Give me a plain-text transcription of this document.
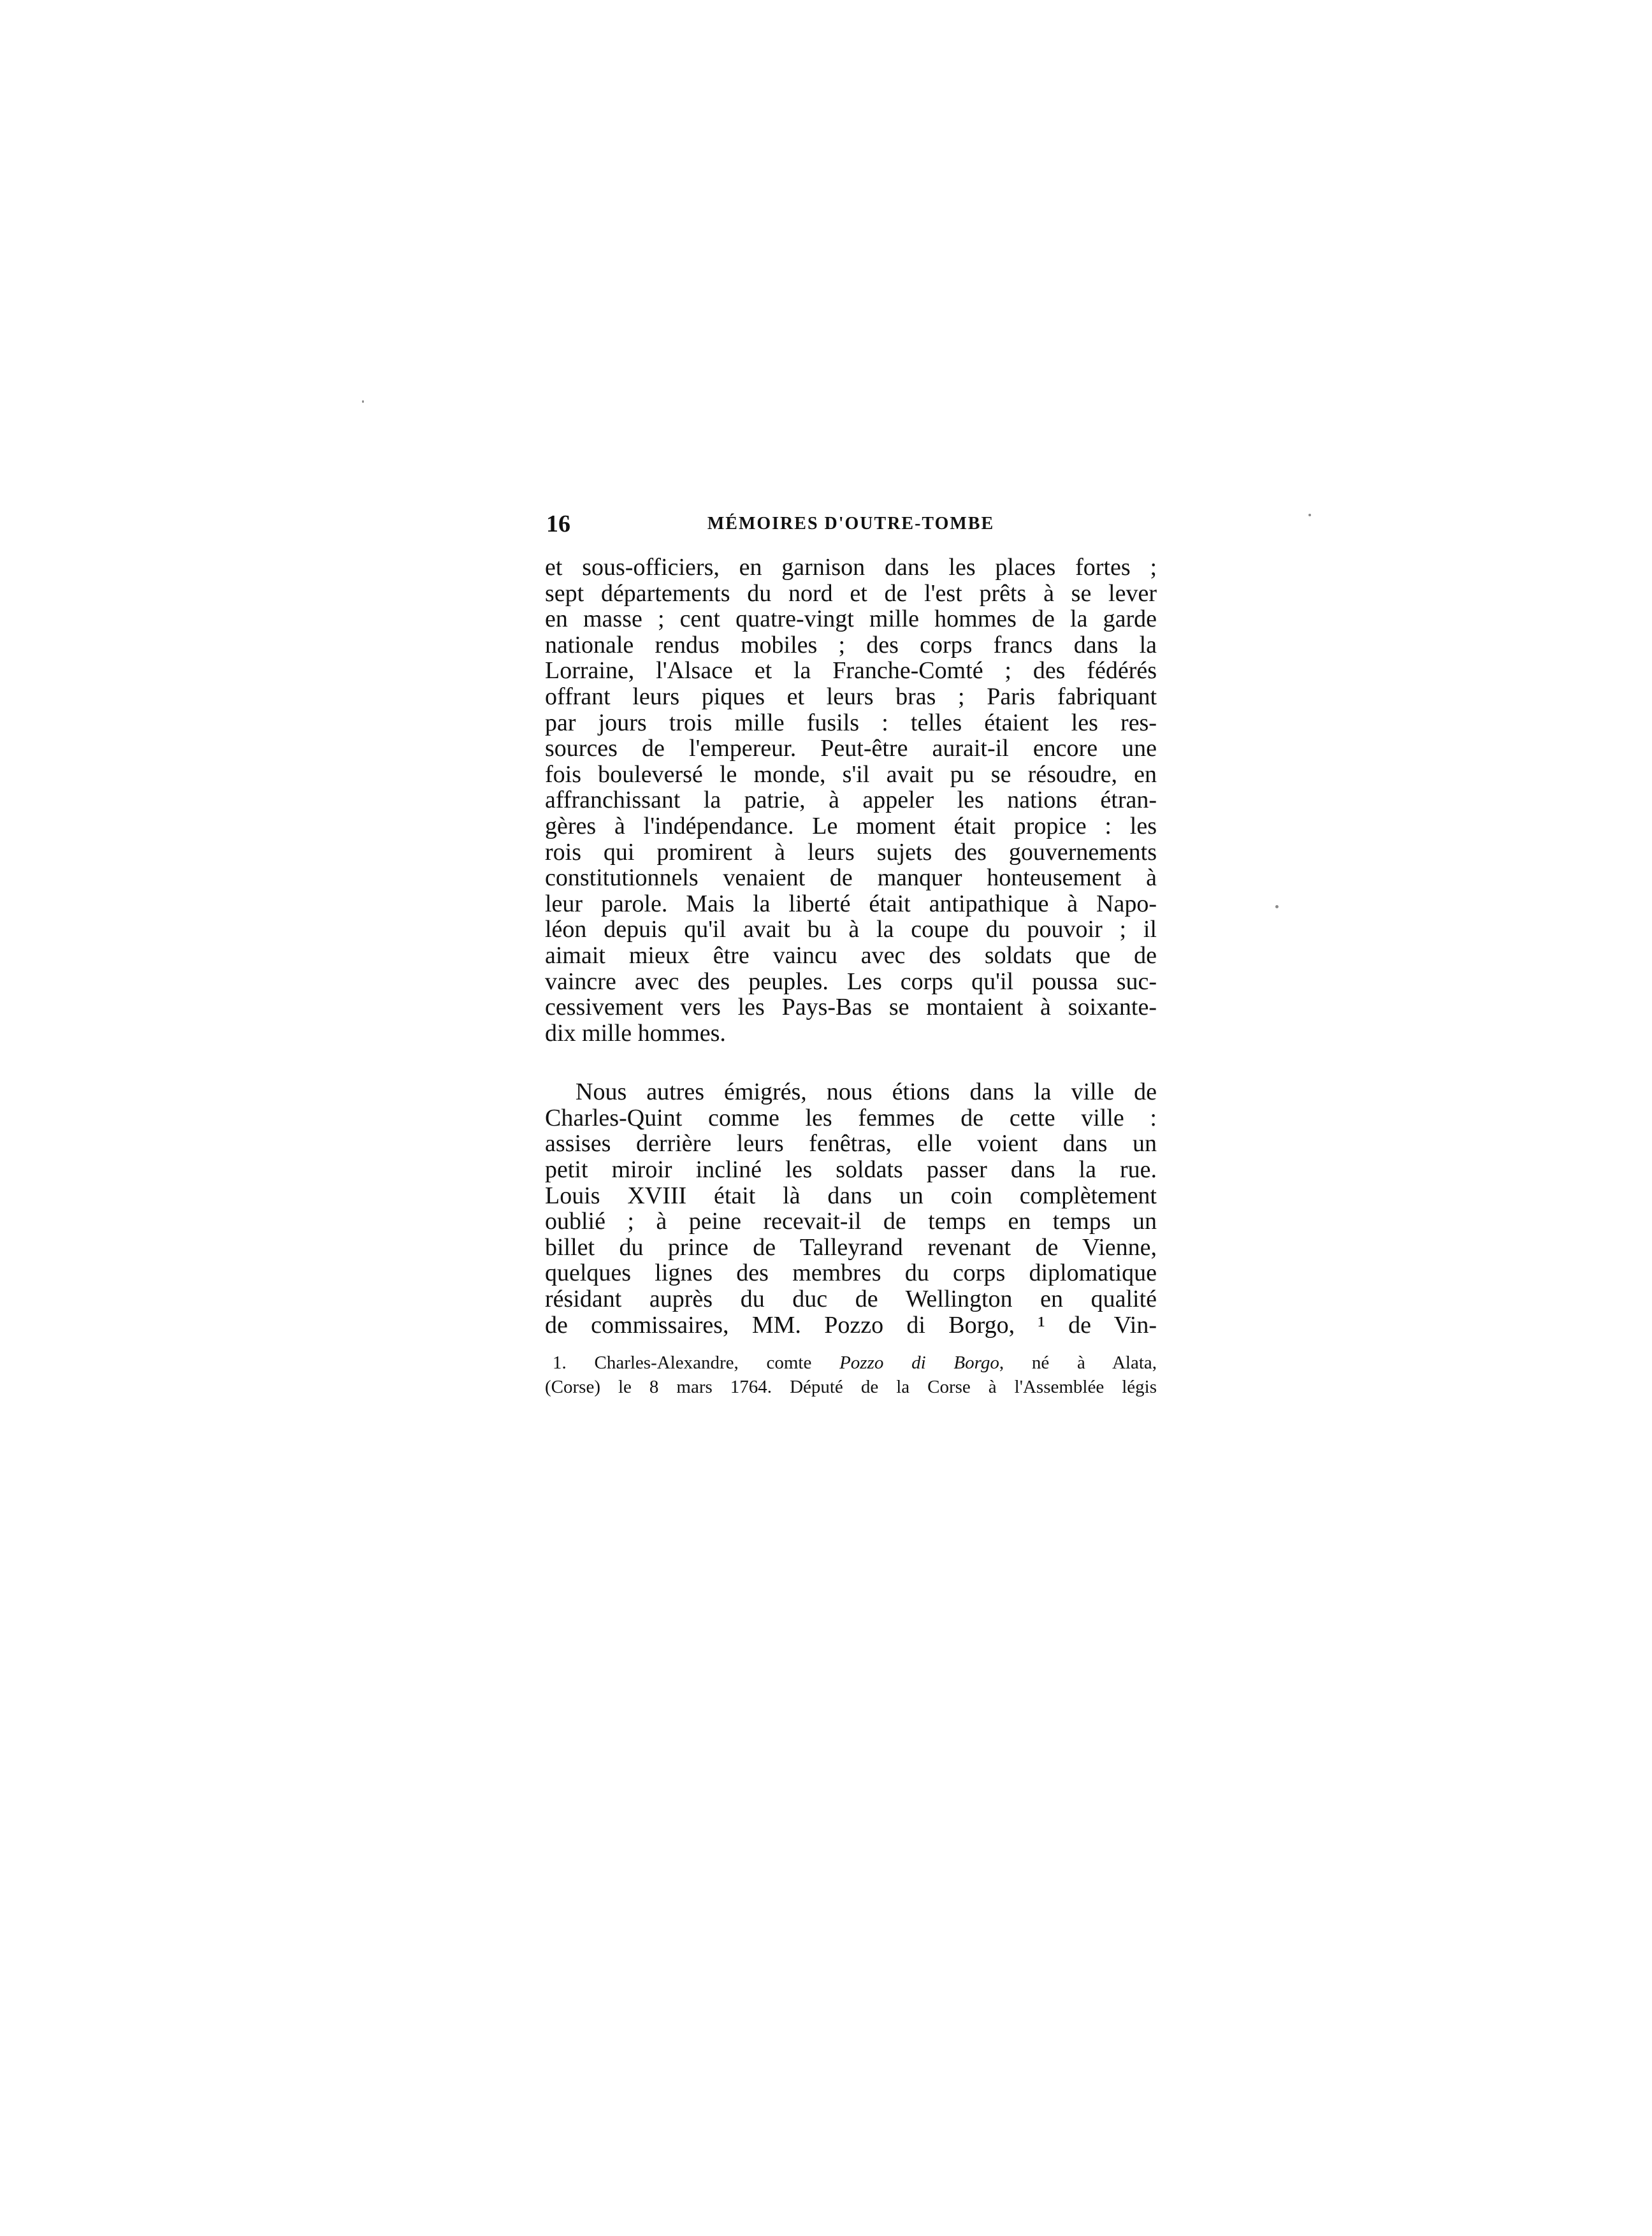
16	MÉMOIRES D'OUTRE-TOMBE

et sous-officiers, en garnison dans les places fortes ;
sept départements du nord et de l'est prêts à se lever
en masse ; cent quatre-vingt mille hommes de la garde
nationale rendus mobiles ; des corps francs dans la
Lorraine, l'Alsace et la Franche-Comté ; des fédérés
offrant leurs piques et leurs bras ; Paris fabriquant
par jours trois mille fusils : telles étaient les res-
sources de l'empereur. Peut-être aurait-il encore une
fois bouleversé le monde, s'il avait pu se résoudre, en
affranchissant la patrie, à appeler les nations étran-
gères à l'indépendance. Le moment était propice : les
rois qui promirent à leurs sujets des gouvernements
constitutionnels venaient de manquer honteusement à
leur parole. Mais la liberté était antipathique à Napo-
léon depuis qu'il avait bu à la coupe du pouvoir ; il
aimait mieux être vaincu avec des soldats que de
vaincre avec des peuples. Les corps qu'il poussa suc-
cessivement vers les Pays-Bas se montaient à soixante-
dix mille hommes.

Nous autres émigrés, nous étions dans la ville de
Charles-Quint comme les femmes de cette ville :
assises derrière leurs fenêtras, elle voient dans un
petit miroir incliné les soldats passer dans la rue.
Louis XVIII était là dans un coin complètement
oublié ; à peine recevait-il de temps en temps un
billet du prince de Talleyrand revenant de Vienne,
quelques lignes des membres du corps diplomatique
résidant auprès du duc de Wellington en qualité
de commissaires, MM. Pozzo di Borgo, ¹ de Vin-

1. Charles-Alexandre, comte Pozzo di Borgo, né à Alata,
(Corse) le 8 mars 1764. Député de la Corse à l'Assemblée légis
